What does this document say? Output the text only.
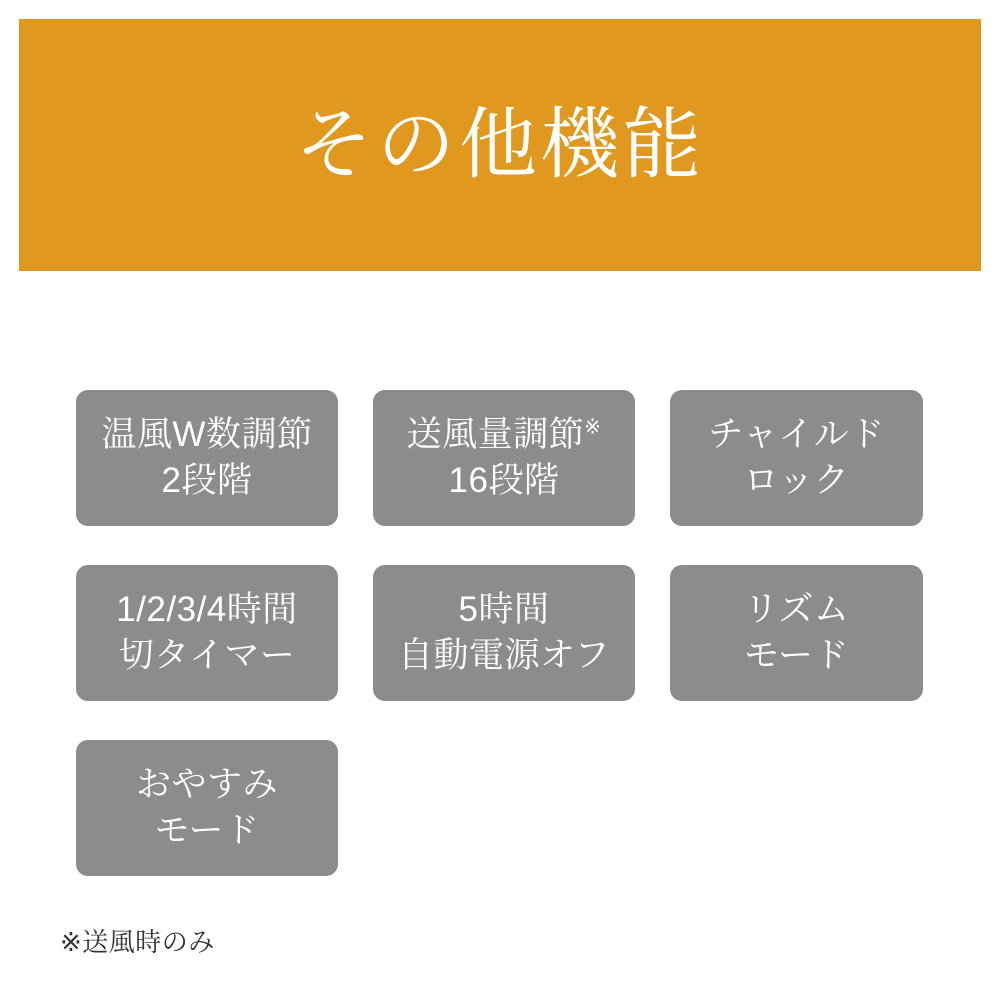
その他機能
温風W数調節
2段階
送風量調節※
16段階
チャイルド
ロック
1/2/3/4時間
切タイマー
5時間
自動電源オフ
リズム
モード
おやすみ
モード
※送風時のみ
